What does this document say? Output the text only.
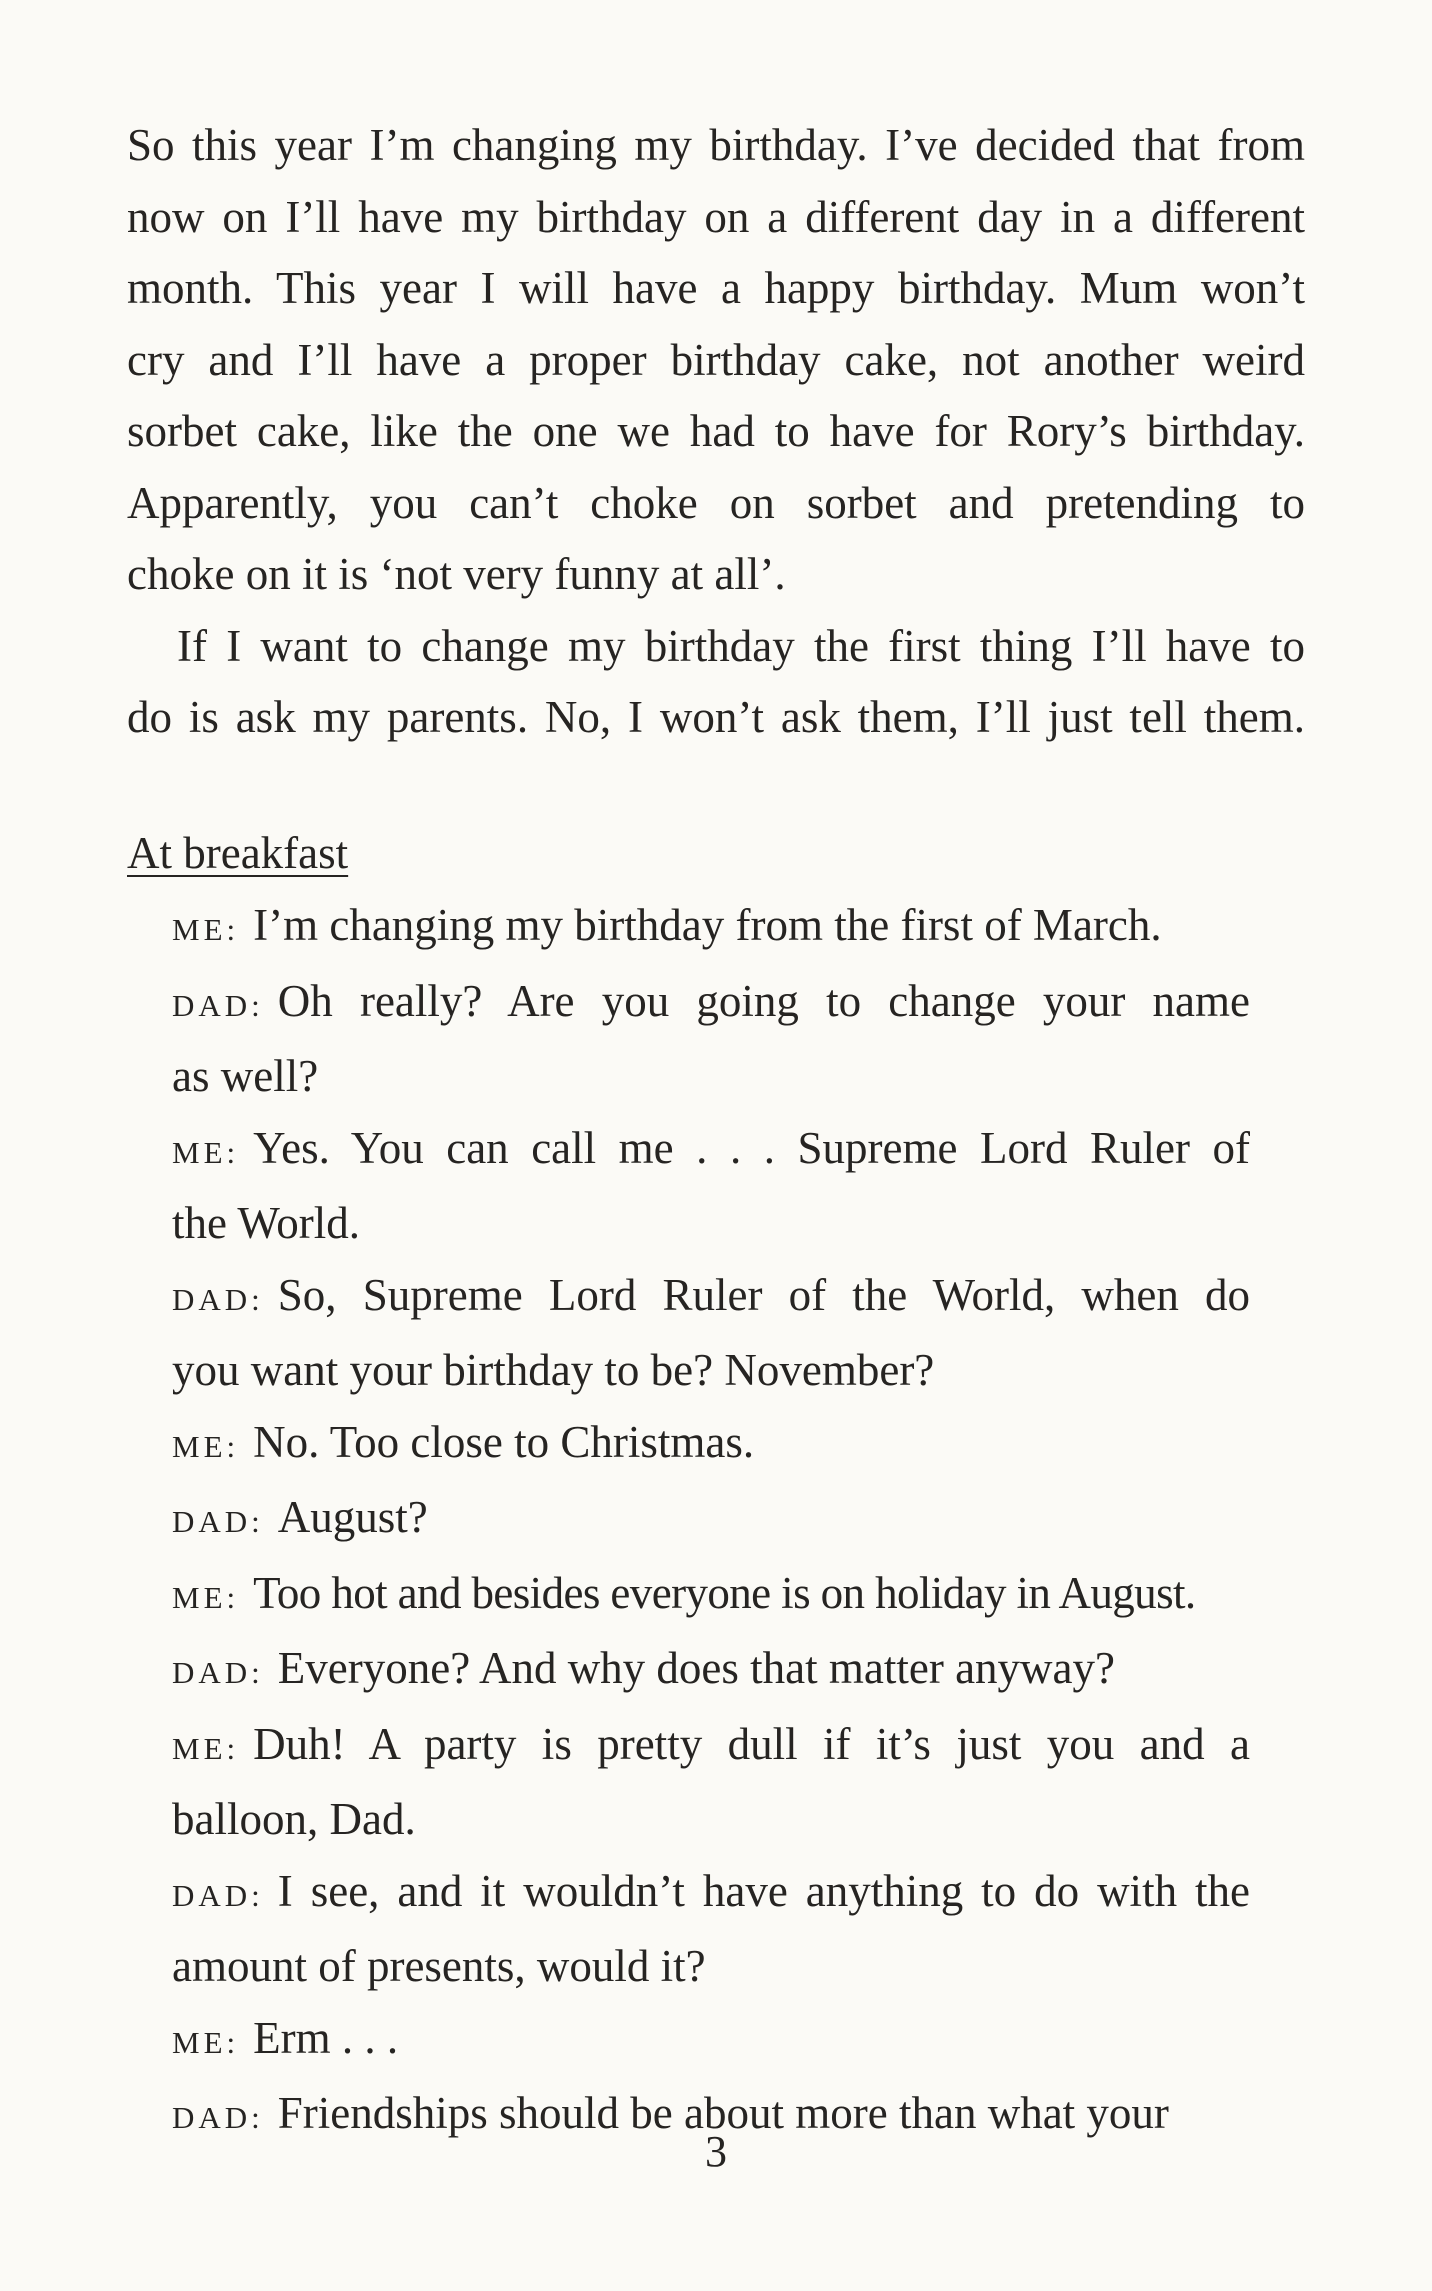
So this year I’m changing my birthday. I’ve decided that from
now on I’ll have my birthday on a different day in a different
month. This year I will have a happy birthday. Mum won’t
cry and I’ll have a proper birthday cake, not another weird
sorbet cake, like the one we had to have for Rory’s birthday.
Apparently, you can’t choke on sorbet and pretending to
choke on it is ‘not very funny at all’.

If I want to change my birthday the first thing I’ll have to
do is ask my parents. No, I won’t ask them, I’ll just tell them.

At breakfast

ME: I’m changing my birthday from the first of March.

DAD: Oh really? Are you going to change your name

as well?

ME: Yes. You can call me . . . Supreme Lord Ruler of

the World.

DAD: So, Supreme Lord Ruler of the World, when do

you want your birthday to be? November?

ME: No. Too close to Christmas.

DAD: August?

ME: Too hot and besides everyone is on holiday in August.

DAD: Everyone? And why does that matter anyway?

ME: Duh! A party is pretty dull if it’s just you and a

balloon, Dad.

DAD: I see, and it wouldn’t have anything to do with the

amount of presents, would it?

ME: Erm . . .

DAD: Friendships should be about more than what your

3
